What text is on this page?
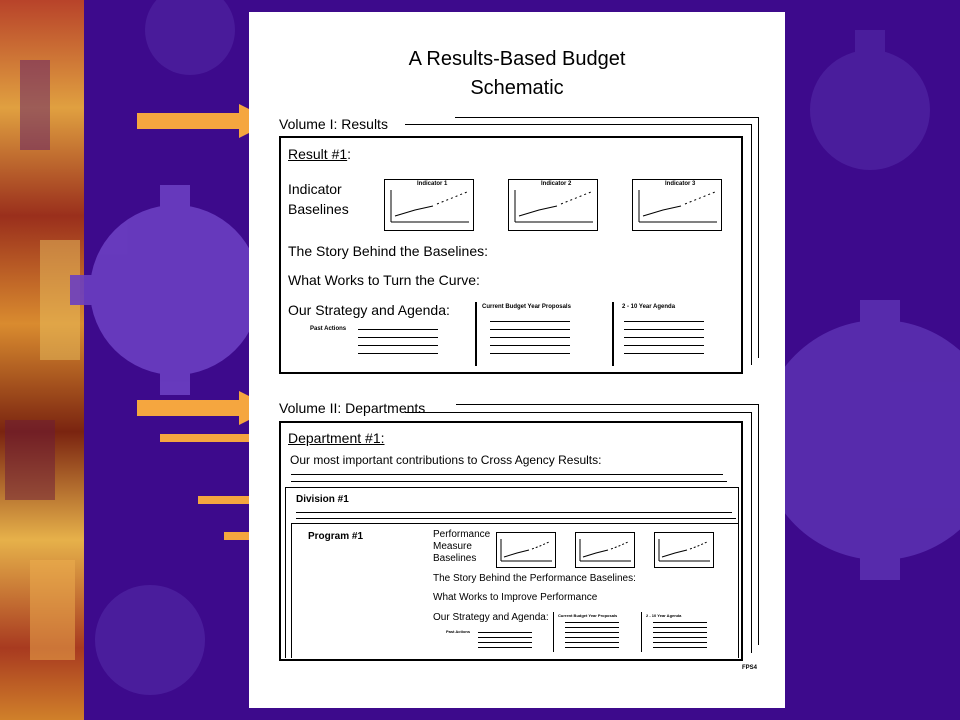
A Results-Based Budget
Schematic
Volume I: Results
Result #1:
Indicator
Baselines
Indicator 1	Indicator 2	Indicator 3
The Story Behind the Baselines:
What Works to Turn the Curve:
Our Strategy and Agenda:
Past Actions
Current Budget Year Proposals	2 - 10 Year Agenda
Volume II: Departments
Department #1:
Our most important contributions to Cross Agency Results:
Division #1
Program #1	Performance
Measure
Baselines
The Story Behind the Performance Baselines:
What Works to Improve Performance
Our Strategy and Agenda:
Past Actions
Current Budget Year Proposals	2 - 10 Year Agenda
FPS4
